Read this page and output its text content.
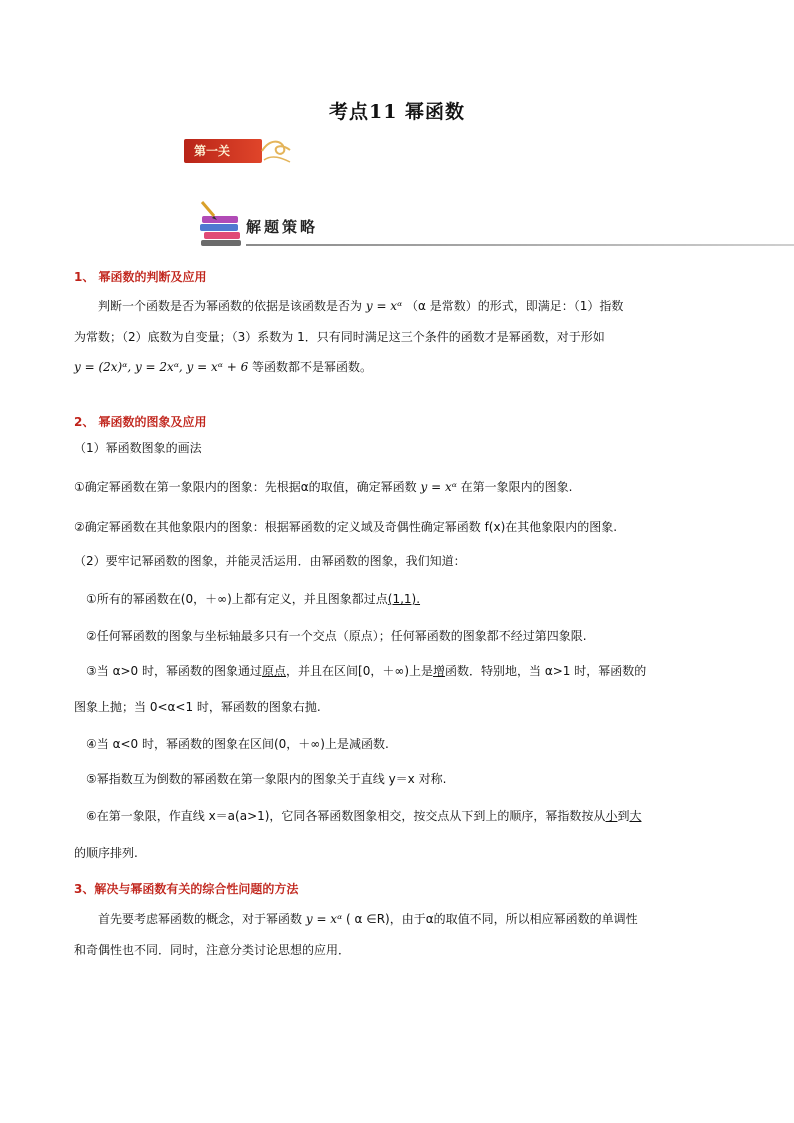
考点11 幂函数
第一关
解题策略
1、 幂函数的判断及应用
判断一个函数是否为幂函数的依据是该函数是否为 y = xᵅ （α 是常数）的形式，即满足：（1）指数
为常数；（2）底数为自变量；（3）系数为 1．只有同时满足这三个条件的函数才是幂函数，对于形如
y = (2x)ᵅ, y = 2xᵅ, y = xᵅ + 6 等函数都不是幂函数。
2、 幂函数的图象及应用
（1）幂函数图象的画法
①确定幂函数在第一象限内的图象：先根据α的取值，确定幂函数 y = xᵅ 在第一象限内的图象.
②确定幂函数在其他象限内的图象：根据幂函数的定义域及奇偶性确定幂函数 f(x)在其他象限内的图象.
（2）要牢记幂函数的图象，并能灵活运用．由幂函数的图象，我们知道：
①所有的幂函数在(0，＋∞)上都有定义，并且图象都过点(1,1).
②任何幂函数的图象与坐标轴最多只有一个交点（原点）；任何幂函数的图象都不经过第四象限.
③当 α>0 时，幂函数的图象通过原点，并且在区间[0，＋∞)上是增函数．特别地，当 α>1 时，幂函数的
图象上抛；当 0<α<1 时，幂函数的图象右抛.
④当 α<0 时，幂函数的图象在区间(0，＋∞)上是减函数.
⑤幂指数互为倒数的幂函数在第一象限内的图象关于直线 y＝x 对称.
⑥在第一象限，作直线 x＝a(a>1)，它同各幂函数图象相交，按交点从下到上的顺序，幂指数按从小到大
的顺序排列.
3、解决与幂函数有关的综合性问题的方法
首先要考虑幂函数的概念，对于幂函数 y = xᵅ ( α ∈R)，由于α的取值不同，所以相应幂函数的单调性
和奇偶性也不同．同时，注意分类讨论思想的应用．
